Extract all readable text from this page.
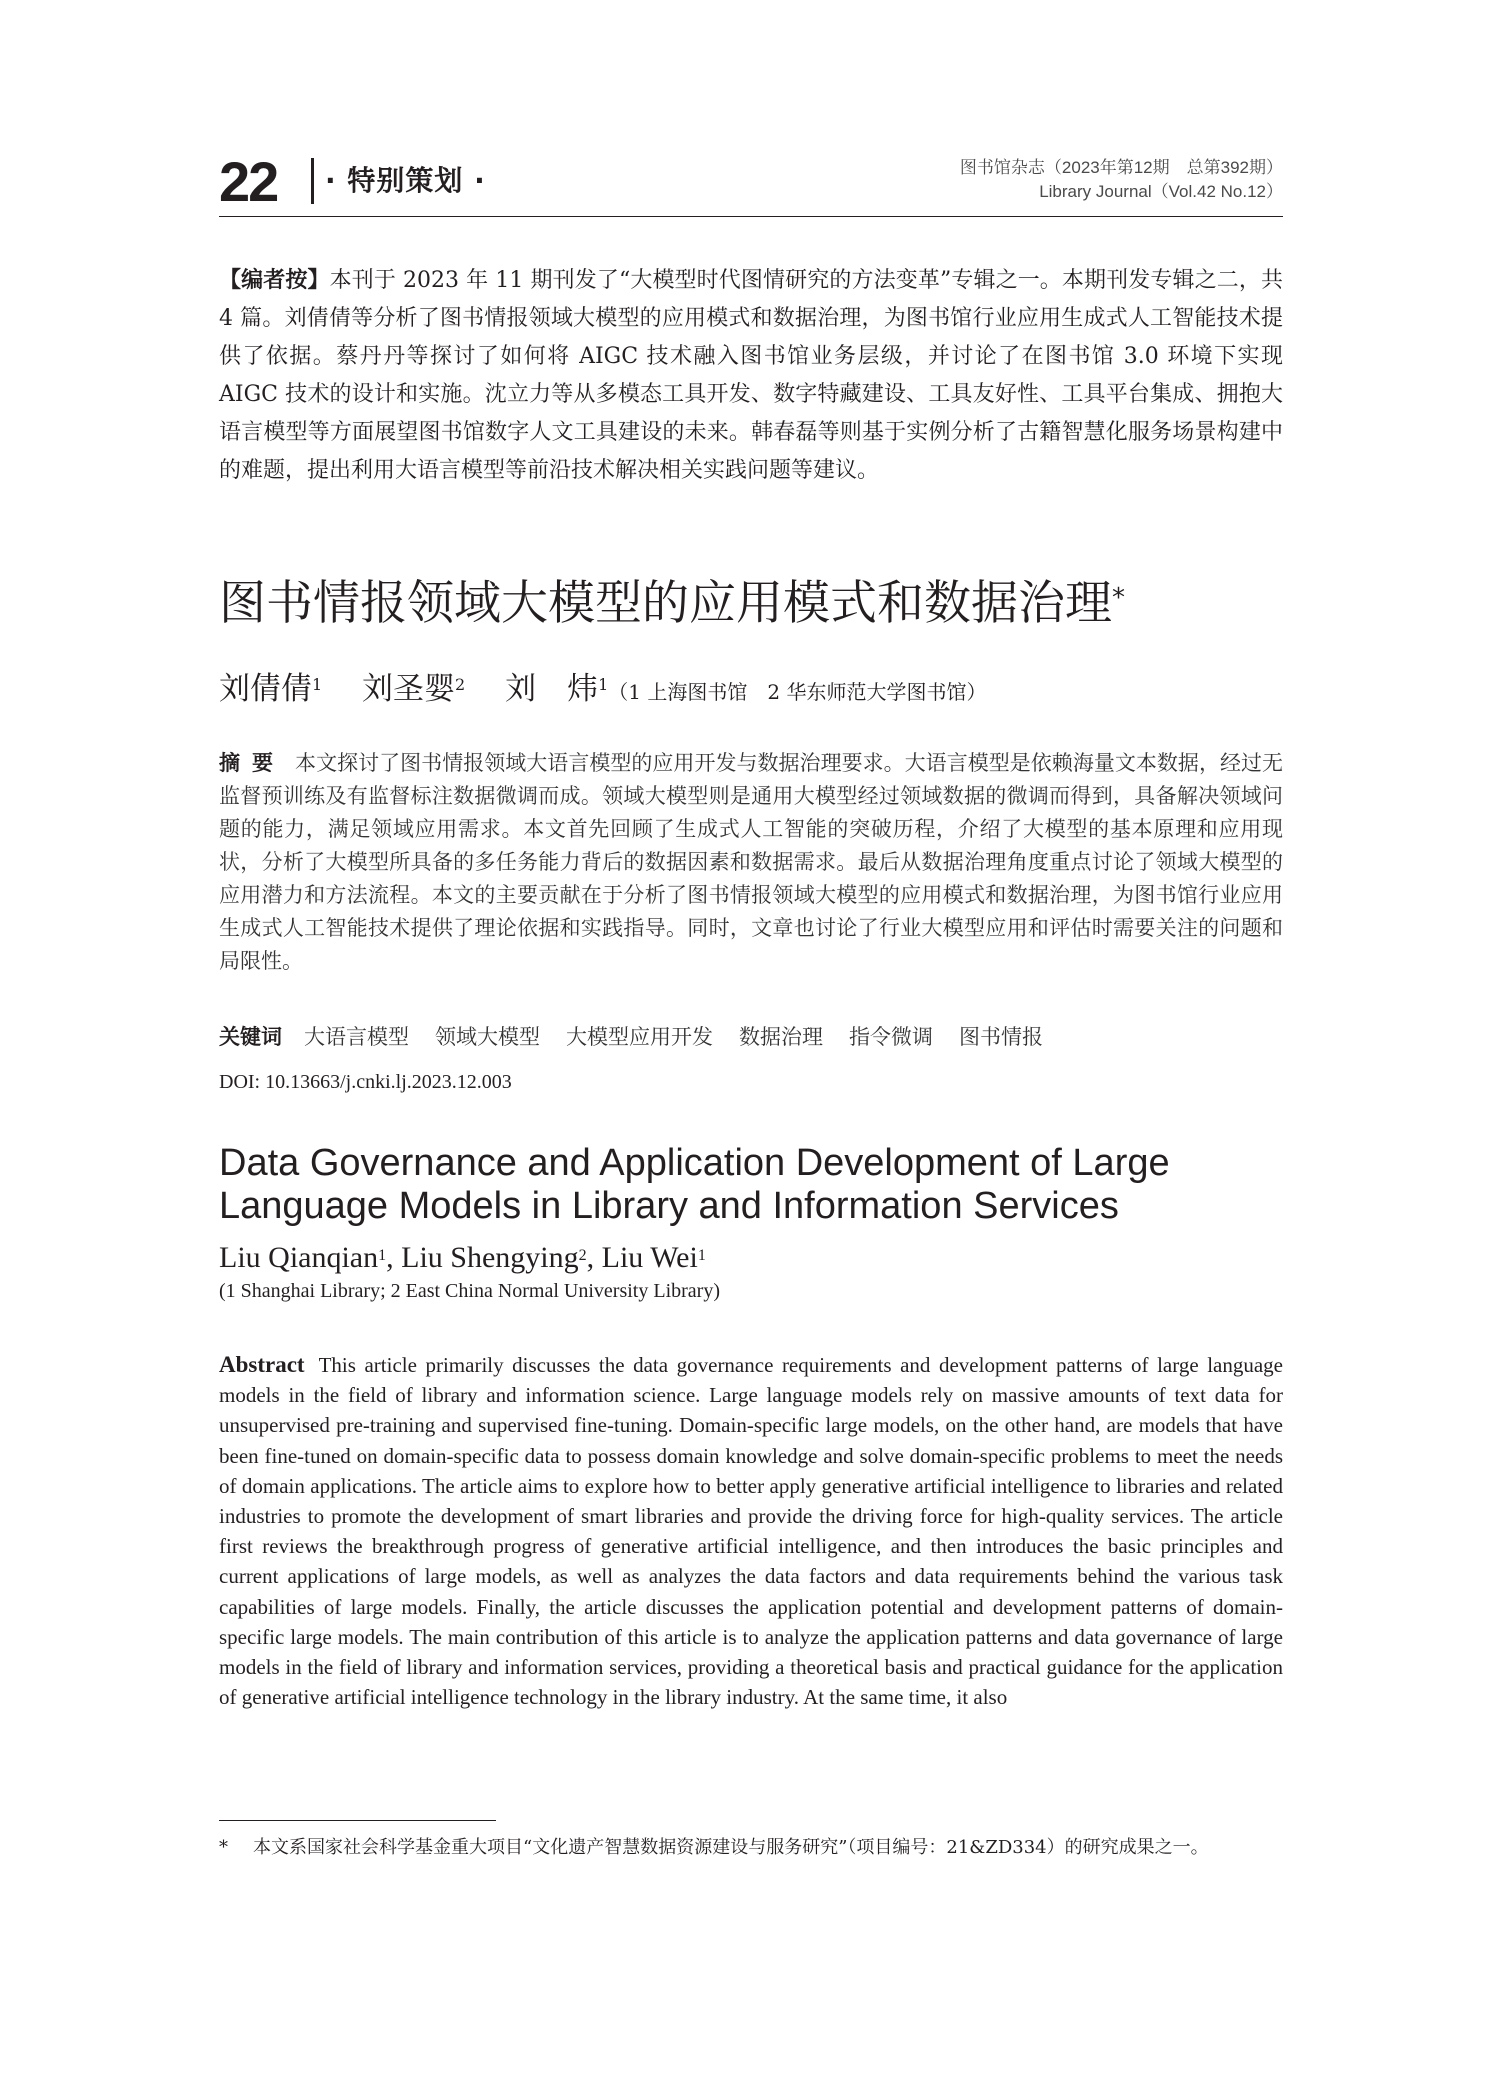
22 · 特别策划 ·	图书馆杂志（2023年第12期　总第392期）
Library Journal（Vol.42 No.12）
【编者按】本刊于 2023 年 11 期刊发了“大模型时代图情研究的方法变革”专辑之一。本期刊发专辑之二，共 4 篇。刘倩倩等分析了图书情报领域大模型的应用模式和数据治理，为图书馆行业应用生成式人工智能技术提供了依据。蔡丹丹等探讨了如何将 AIGC 技术融入图书馆业务层级，并讨论了在图书馆 3.0 环境下实现 AIGC 技术的设计和实施。沈立力等从多模态工具开发、数字特藏建设、工具友好性、工具平台集成、拥抱大语言模型等方面展望图书馆数字人文工具建设的未来。韩春磊等则基于实例分析了古籍智慧化服务场景构建中的难题，提出利用大语言模型等前沿技术解决相关实践问题等建议。
图书情报领域大模型的应用模式和数据治理*
刘倩倩$^1$ 刘圣婴$^2$ 刘　炜$^1$（1 上海图书馆　2 华东师范大学图书馆）
摘要 本文探讨了图书情报领域大语言模型的应用开发与数据治理要求。大语言模型是依赖海量文本数据，经过无监督预训练及有监督标注数据微调而成。领域大模型则是通用大模型经过领域数据的微调而得到，具备解决领域问题的能力，满足领域应用需求。本文首先回顾了生成式人工智能的突破历程，介绍了大模型的基本原理和应用现状，分析了大模型所具备的多任务能力背后的数据因素和数据需求。最后从数据治理角度重点讨论了领域大模型的应用潜力和方法流程。本文的主要贡献在于分析了图书情报领域大模型的应用模式和数据治理，为图书馆行业应用生成式人工智能技术提供了理论依据和实践指导。同时，文章也讨论了行业大模型应用和评估时需要关注的问题和局限性。
关键词 大语言模型 领域大模型 大模型应用开发 数据治理 指令微调 图书情报
DOI: 10.13663/j.cnki.lj.2023.12.003
Data Governance and Application Development of Large Language Models in Library and Information Services
Liu Qianqian$^1$, Liu Shengying$^2$, Liu Wei$^1$
(1 Shanghai Library; 2 East China Normal University Library)
Abstract This article primarily discusses the data governance requirements and development patterns of large language models in the field of library and information science. Large language models rely on massive amounts of text data for unsupervised pre-training and supervised fine-tuning. Domain-specific large models, on the other hand, are models that have been fine-tuned on domain-specific data to possess domain knowledge and solve domain-specific problems to meet the needs of domain applications. The article aims to explore how to better apply generative artificial intelligence to libraries and related industries to promote the development of smart libraries and provide the driving force for high-quality services. The article first reviews the breakthrough progress of generative artificial intelligence, and then introduces the basic principles and current applications of large models, as well as analyzes the data factors and data requirements behind the various task capabilities of large models. Finally, the article discusses the application potential and development patterns of domain-specific large models. The main contribution of this article is to analyze the application patterns and data governance of large models in the field of library and information services, providing a theoretical basis and practical guidance for the application of generative artificial intelligence technology in the library industry. At the same time, it also
* 本文系国家社会科学基金重大项目“文化遗产智慧数据资源建设与服务研究”（项目编号：21&ZD334）的研究成果之一。
